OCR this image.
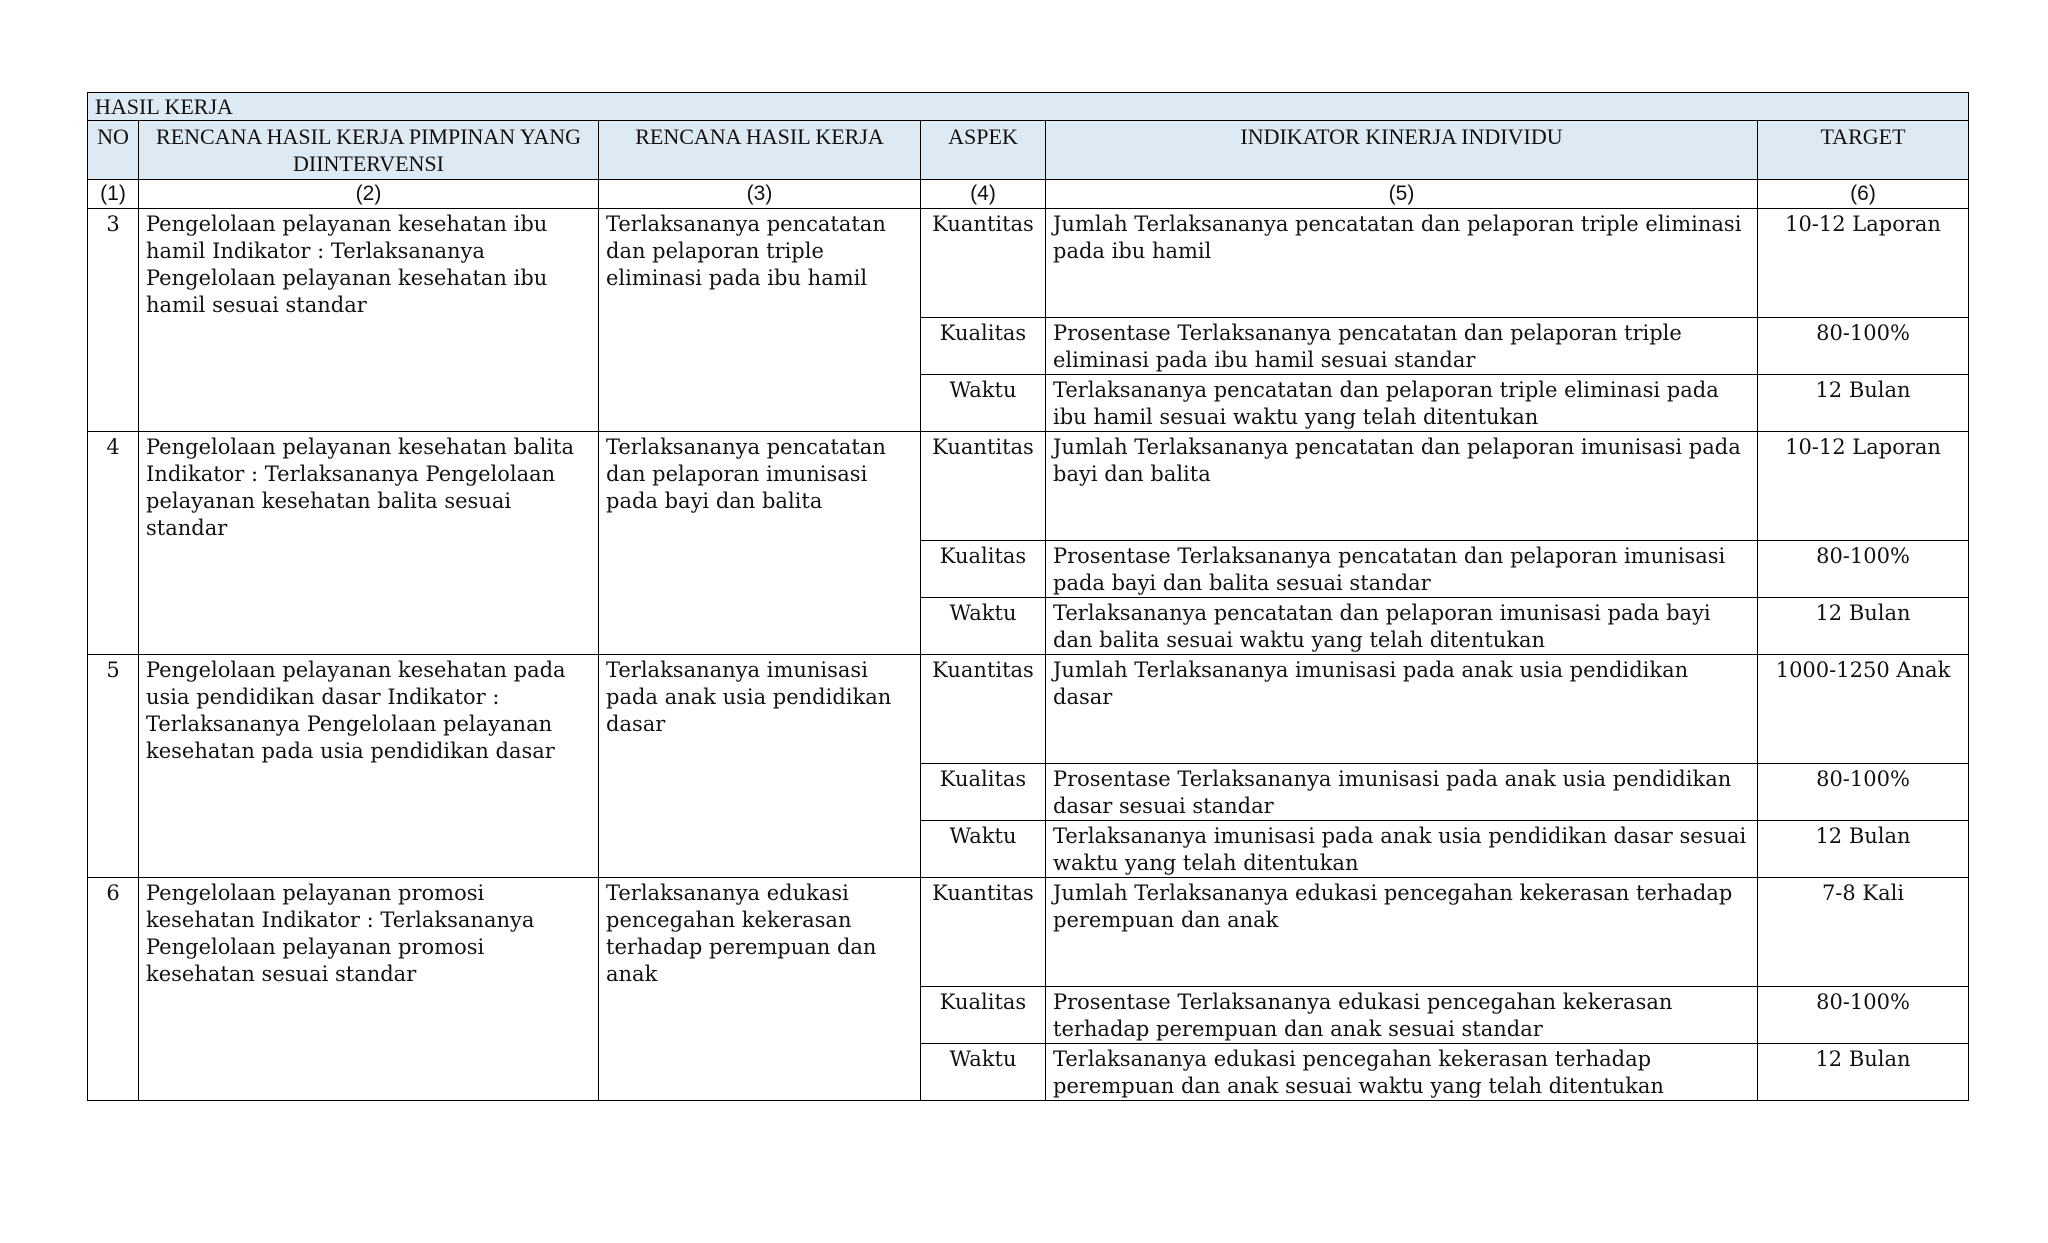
HASIL KERJA					
NO	RENCANA HASIL KERJA PIMPINAN YANG DIINTERVENSI	RENCANA HASIL KERJA	ASPEK	INDIKATOR KINERJA INDIVIDU	TARGET
(1)	(2)	(3)	(4)	(5)	(6)
3	Pengelolaan pelayanan kesehatan ibu hamil Indikator : Terlaksananya Pengelolaan pelayanan kesehatan ibu hamil sesuai standar	Terlaksananya pencatatan dan pelaporan triple eliminasi pada ibu hamil	Kuantitas	Jumlah Terlaksananya pencatatan dan pelaporan triple eliminasi pada ibu hamil	10-12 Laporan
			Kualitas	Prosentase Terlaksananya pencatatan dan pelaporan triple eliminasi pada ibu hamil sesuai standar	80-100%
			Waktu	Terlaksananya pencatatan dan pelaporan triple eliminasi pada ibu hamil sesuai waktu yang telah ditentukan	12 Bulan
4	Pengelolaan pelayanan kesehatan balita Indikator : Terlaksananya Pengelolaan pelayanan kesehatan balita sesuai standar	Terlaksananya pencatatan dan pelaporan imunisasi pada bayi dan balita	Kuantitas	Jumlah Terlaksananya pencatatan dan pelaporan imunisasi pada bayi dan balita	10-12 Laporan
			Kualitas	Prosentase Terlaksananya pencatatan dan pelaporan imunisasi pada bayi dan balita sesuai standar	80-100%
			Waktu	Terlaksananya pencatatan dan pelaporan imunisasi pada bayi dan balita sesuai waktu yang telah ditentukan	12 Bulan
5	Pengelolaan pelayanan kesehatan pada usia pendidikan dasar Indikator : Terlaksananya Pengelolaan pelayanan kesehatan pada usia pendidikan dasar	Terlaksananya imunisasi pada anak usia pendidikan dasar	Kuantitas	Jumlah Terlaksananya imunisasi pada anak usia pendidikan dasar	1000-1250 Anak
			Kualitas	Prosentase Terlaksananya imunisasi pada anak usia pendidikan dasar sesuai standar	80-100%
			Waktu	Terlaksananya imunisasi pada anak usia pendidikan dasar sesuai waktu yang telah ditentukan	12 Bulan
6	Pengelolaan pelayanan promosi kesehatan Indikator : Terlaksananya Pengelolaan pelayanan promosi kesehatan sesuai standar	Terlaksananya edukasi pencegahan kekerasan terhadap perempuan dan anak	Kuantitas	Jumlah Terlaksananya edukasi pencegahan kekerasan terhadap perempuan dan anak	7-8 Kali
			Kualitas	Prosentase Terlaksananya edukasi pencegahan kekerasan terhadap perempuan dan anak sesuai standar	80-100%
			Waktu	Terlaksananya edukasi pencegahan kekerasan terhadap perempuan dan anak sesuai waktu yang telah ditentukan	12 Bulan
